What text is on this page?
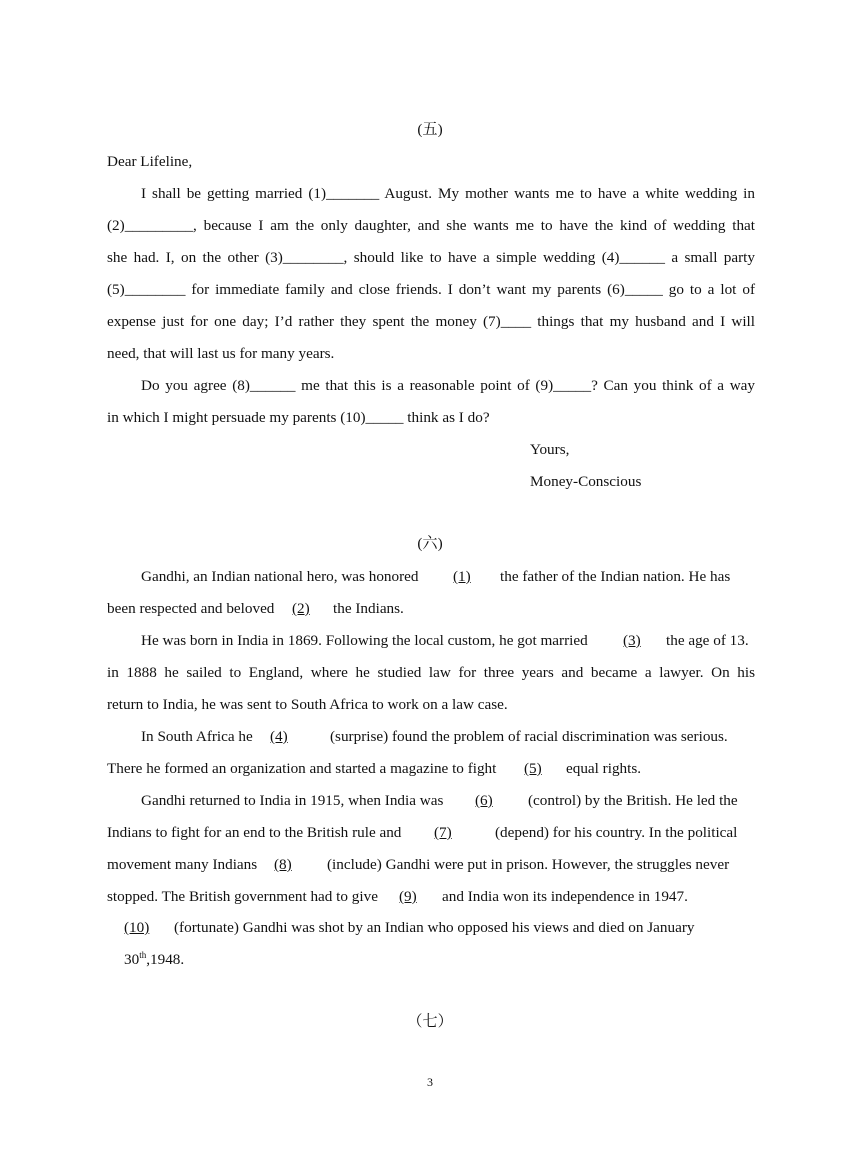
(五)
Dear Lifeline,
I shall be getting married (1)_______ August. My mother wants me to have a white wedding in
(2)_________, because I am the only daughter, and she wants me to have the kind of wedding that
she had. I, on the other (3)________, should like to have a simple wedding (4)______ a small party
(5)________ for immediate family and close friends. I don’t want my parents (6)_____ go to a lot of
expense just for one day; I’d rather they spent the money (7)____ things that my husband and I will
need, that will last us for many years.
Do you agree (8)______ me that this is a reasonable point of (9)_____? Can you think of a way
in which I might persuade my parents (10)_____ think as I do?
Yours,
Money-Conscious
(六)
Gandhi, an Indian national hero, was honored (1) the father of the Indian nation. He has
been respected and beloved (2) the Indians.
He was born in India in 1869. Following the local custom, he got married (3) the age of 13.
in 1888 he sailed to England, where he studied law for three years and became a lawyer. On his
return to India, he was sent to South Africa to work on a law case.
In South Africa he (4)	(surprise) found the problem of racial discrimination was serious.
There he formed an organization and started a magazine to fight (5) equal rights.
Gandhi returned to India in 1915, when India was (6) (control) by the British. He led the
Indians to fight for an end to the British rule and (7)	(depend) for his country. In the political
movement many Indians (8) (include) Gandhi were put in prison. However, the struggles never
stopped. The British government had to give (9) and India won its independence in 1947.
(10) (fortunate) Gandhi was shot by an Indian who opposed his views and died on January
30th,1948.
（七）
3
